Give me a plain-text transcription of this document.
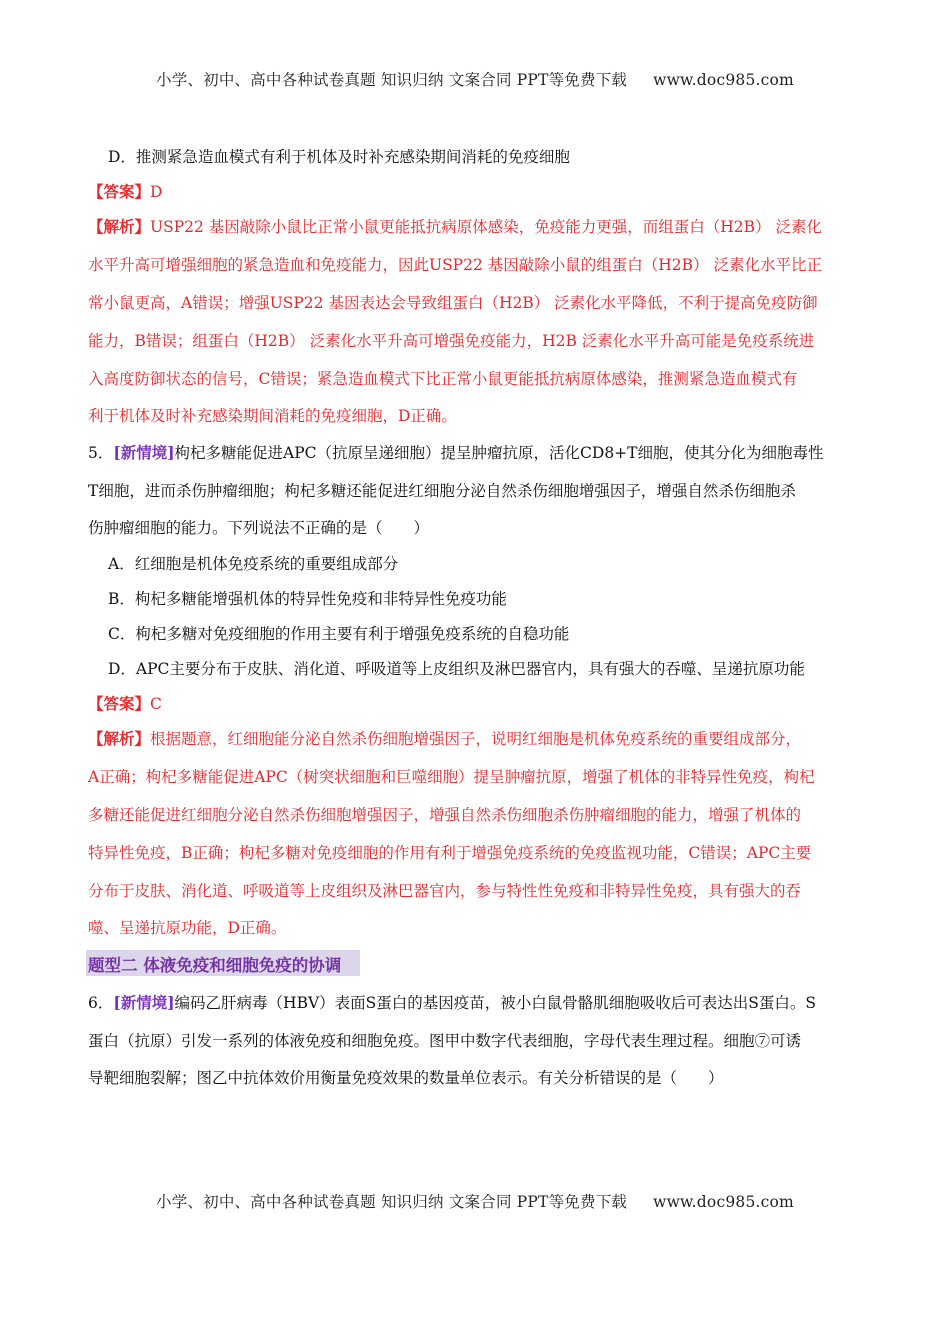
小学、初中、高中各种试卷真题 知识归纳 文案合同 PPT等免费下载 www.doc985.com
D．推测紧急造血模式有利于机体及时补充感染期间消耗的免疫细胞
【答案】D
【解析】USP22 基因敲除小鼠比正常小鼠更能抵抗病原体感染，免疫能力更强，而组蛋白（H2B） 泛素化
水平升高可增强细胞的紧急造血和免疫能力，因此USP22 基因敲除小鼠的组蛋白（H2B） 泛素化水平比正
常小鼠更高，A错误；增强USP22 基因表达会导致组蛋白（H2B） 泛素化水平降低，不利于提高免疫防御
能力，B错误；组蛋白（H2B） 泛素化水平升高可增强免疫能力，H2B 泛素化水平升高可能是免疫系统进
入高度防御状态的信号，C错误；紧急造血模式下比正常小鼠更能抵抗病原体感染，推测紧急造血模式有
利于机体及时补充感染期间消耗的免疫细胞，D正确。
5．[新情境]枸杞多糖能促进APC（抗原呈递细胞）提呈肿瘤抗原，活化CD8+T细胞，使其分化为细胞毒性
T细胞，进而杀伤肿瘤细胞；枸杞多糖还能促进红细胞分泌自然杀伤细胞增强因子，增强自然杀伤细胞杀
伤肿瘤细胞的能力。下列说法不正确的是（　　）
A．红细胞是机体免疫系统的重要组成部分
B．枸杞多糖能增强机体的特异性免疫和非特异性免疫功能
C．枸杞多糖对免疫细胞的作用主要有利于增强免疫系统的自稳功能
D．APC主要分布于皮肤、消化道、呼吸道等上皮组织及淋巴器官内，具有强大的吞噬、呈递抗原功能
【答案】C
【解析】根据题意，红细胞能分泌自然杀伤细胞增强因子，说明红细胞是机体免疫系统的重要组成部分，
A正确；枸杞多糖能促进APC（树突状细胞和巨噬细胞）提呈肿瘤抗原，增强了机体的非特异性免疫，枸杞
多糖还能促进红细胞分泌自然杀伤细胞增强因子，增强自然杀伤细胞杀伤肿瘤细胞的能力，增强了机体的
特异性免疫，B正确；枸杞多糖对免疫细胞的作用有利于增强免疫系统的免疫监视功能，C错误；APC主要
分布于皮肤、消化道、呼吸道等上皮组织及淋巴器官内，参与特性性免疫和非特异性免疫，具有强大的吞
噬、呈递抗原功能，D正确。
题型二 体液免疫和细胞免疫的协调
6．[新情境]编码乙肝病毒（HBV）表面S蛋白的基因疫苗，被小白鼠骨骼肌细胞吸收后可表达出S蛋白。S
蛋白（抗原）引发一系列的体液免疫和细胞免疫。图甲中数字代表细胞，字母代表生理过程。细胞⑦可诱
导靶细胞裂解；图乙中抗体效价用衡量免疫效果的数量单位表示。有关分析错误的是（　　）
小学、初中、高中各种试卷真题 知识归纳 文案合同 PPT等免费下载 www.doc985.com
